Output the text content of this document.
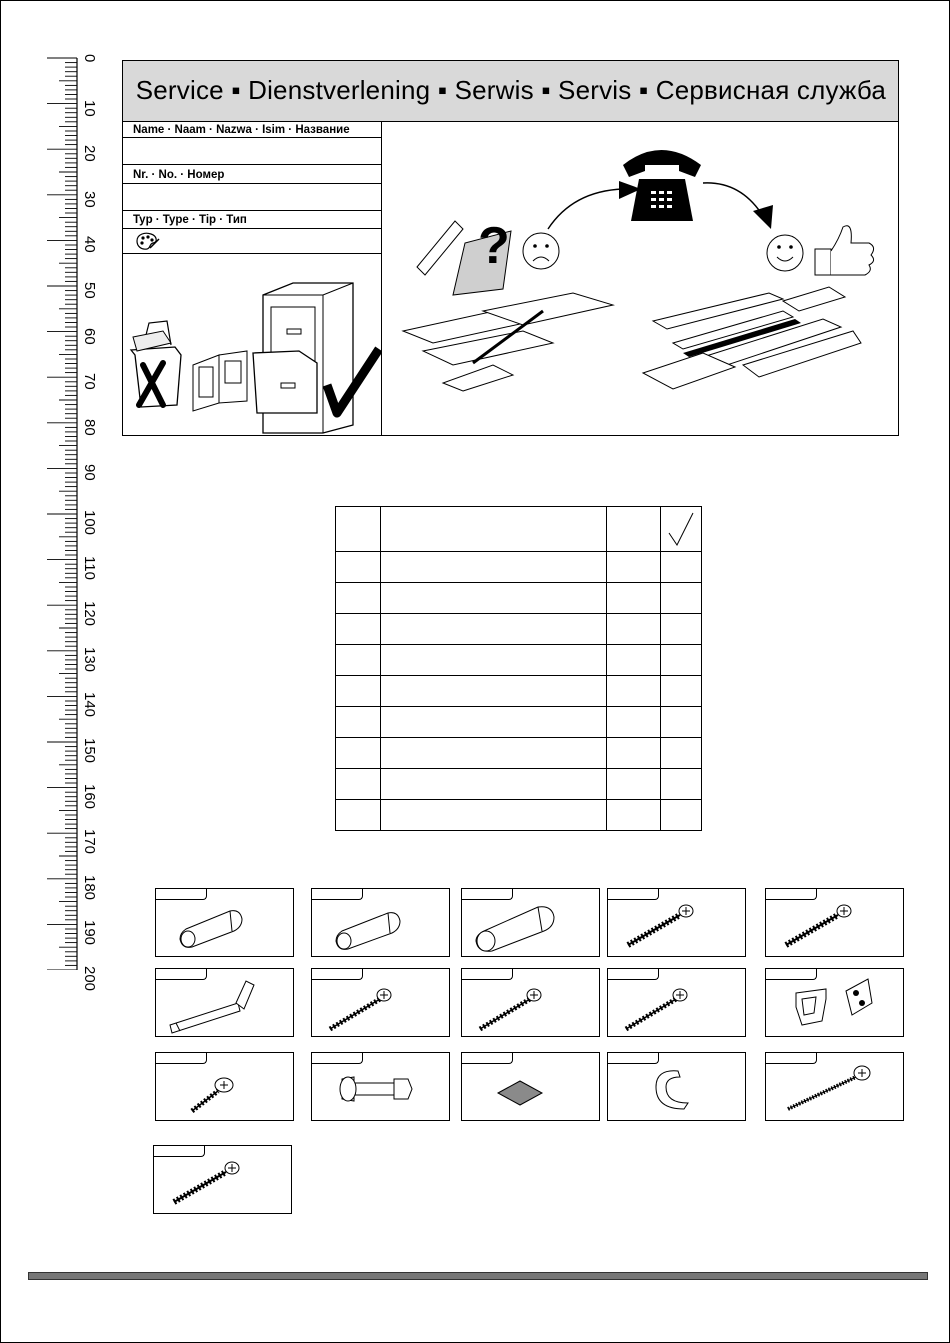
0
10
20
30
40
50
60
70
80
90
100
110
120
130
140
150
160
170
180
190
200
Service ▪ Dienstverlening ▪ Serwis ▪ Servis ▪ Сервисная служба
Name · Naam · Nazwa · Isim · Название
Nr. · No. · Номер
Typ · Type · Tip · Тип	?
